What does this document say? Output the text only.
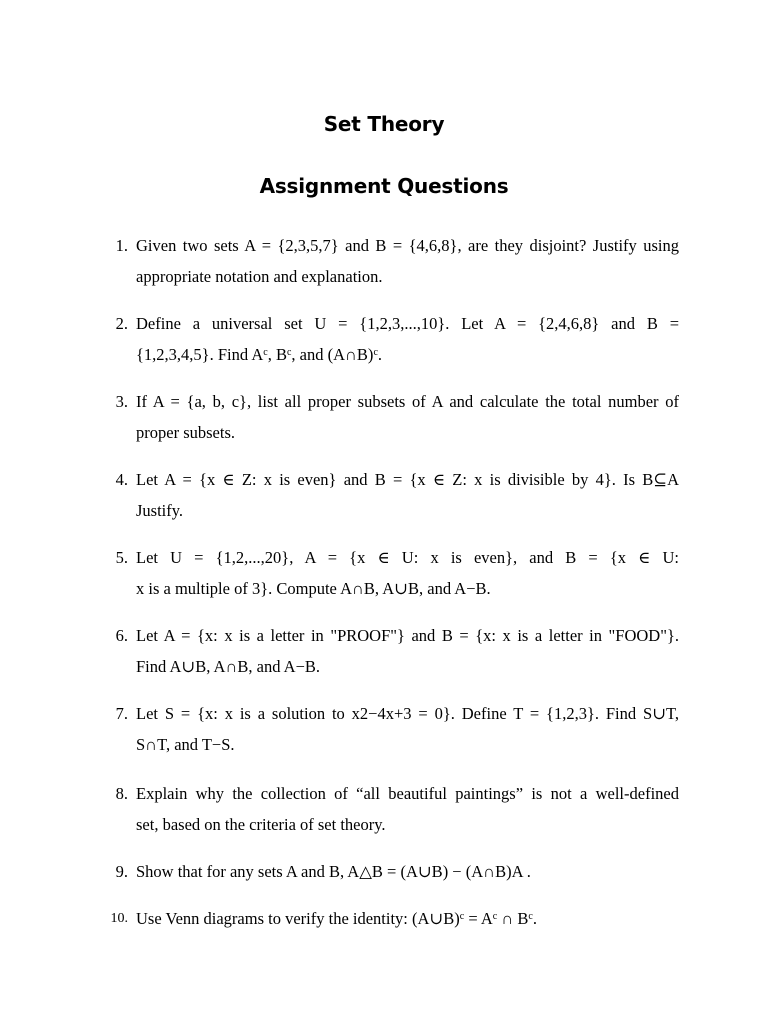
Set Theory
Assignment Questions
1. Given two sets A = {2,3,5,7} and B = {4,6,8}, are they disjoint? Justify using
appropriate notation and explanation.
2. Define a universal set U = {1,2,3,...,10}. Let A = {2,4,6,8} and B =
{1,2,3,4,5}. Find $A^c$, $B^c$, and (A∩B)$^c$.
3. If A = {a, b, c}, list all proper subsets of A and calculate the total number of
proper subsets.
4. Let A = {x ∈ Z: x is even} and B = {x ∈ Z: x is divisible by 4}. Is B⊆A
Justify.
5. Let U = {1,2,...,20}, A = {x ∈ U: x is even}, and B = {x ∈ U:
x is a multiple of 3}. Compute A∩B, A∪B, and A−B.
6. Let A = {x: x is a letter in "PROOF"} and B = {x: x is a letter in "FOOD"}.
Find A∪B, A∩B, and A−B.
7. Let S = {x: x is a solution to x2−4x+3 = 0}. Define T = {1,2,3}. Find S∪T,
S∩T, and T−S.
8. Explain why the collection of “all beautiful paintings” is not a well-defined
set, based on the criteria of set theory.
9. Show that for any sets A and B, A△B = (A∪B) − (A∩B)A .
10. Use Venn diagrams to verify the identity: (A∪B)$^c$ = $A^c$ ∩ $B^c$.
